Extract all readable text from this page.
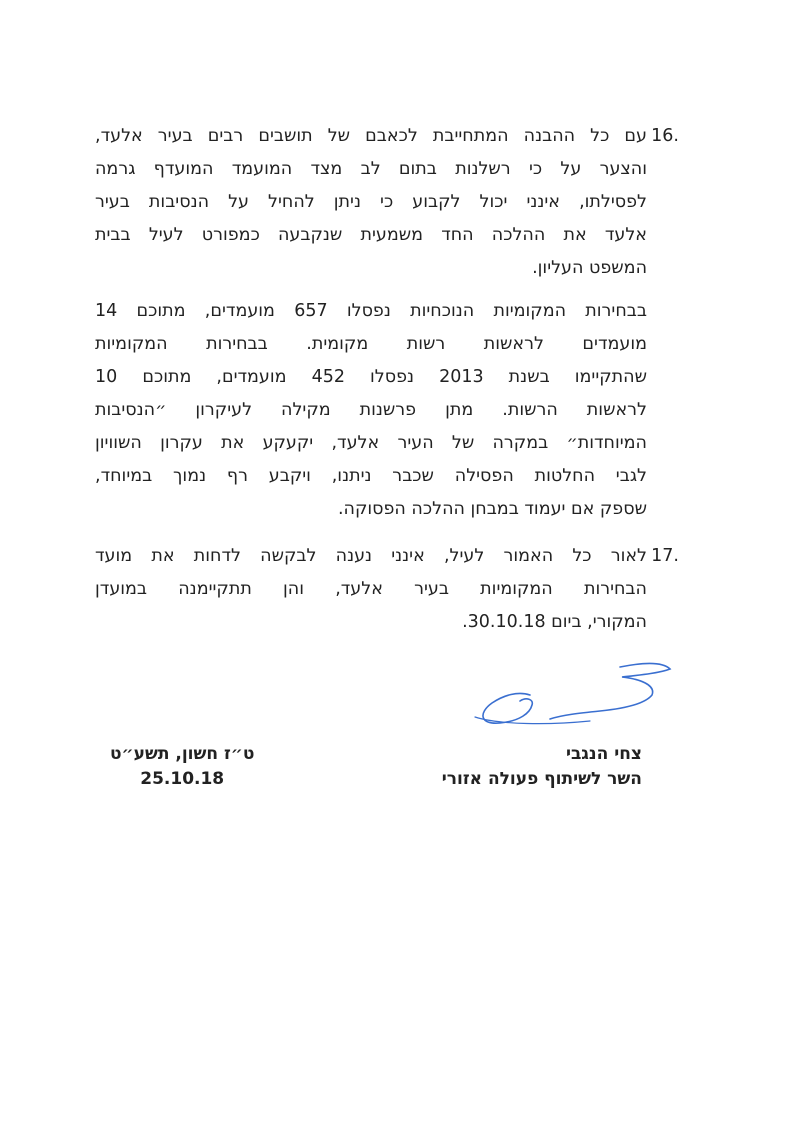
16.
עם כל ההבנה המתחייבת לכאבם של תושבים רבים בעיר אלעד,
והצער על כי רשלנות בתום לב מצד המועמד המועדף גרמה
לפסילתו, אינני יכול לקבוע כי ניתן להחיל על הנסיבות בעיר
אלעד את ההלכה החד משמעית שנקבעה כמפורט לעיל בבית
המשפט העליון.
בבחירות המקומיות הנוכחיות נפסלו 657 מועמדים, מתוכם 14
מועמדים לראשות רשות מקומית. בבחירות המקומיות
שהתקיימו בשנת 2013 נפסלו 452 מועמדים, מתוכם 10
לראשות הרשות. מתן פרשנות מקילה לעיקרון ״הנסיבות
המיוחדות״ במקרה של העיר אלעד, יקעקע את עקרון השוויון
לגבי החלטות הפסילה שכבר ניתנו, ויקבע רף נמוך במיוחד,
שספק אם יעמוד במבחן ההלכה הפסוקה.
17.
לאור כל האמור לעיל, אינני נענה לבקשה לדחות את מועד
הבחירות המקומיות בעיר אלעד, והן תתקיימנה במועדן
המקורי, ביום 30.10.18.
צחי הנגבי
השר לשיתוף פעולה אזורי
ט״ז חשון, תשע״ט
25.10.18
